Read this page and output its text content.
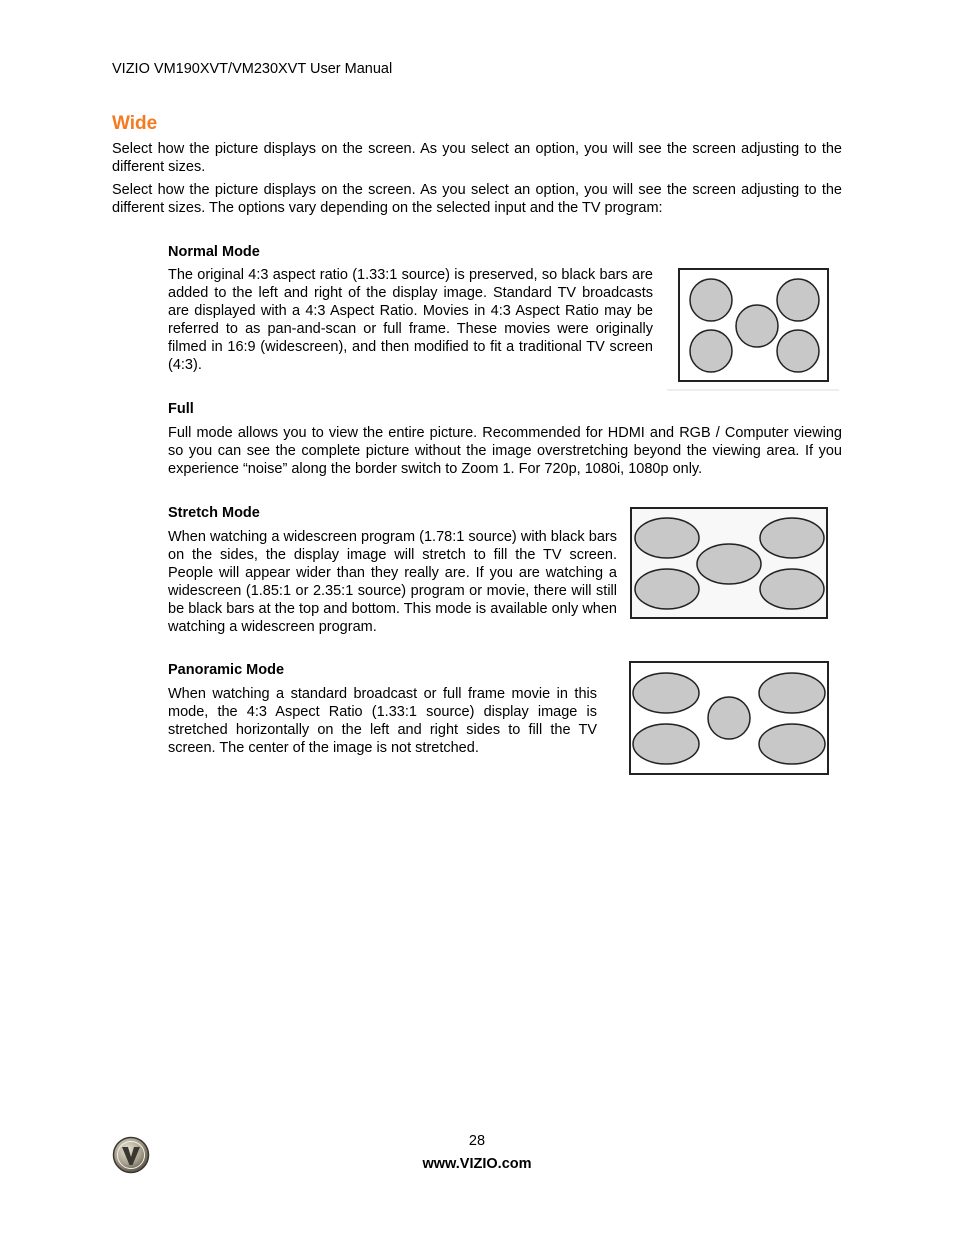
VIZIO VM190XVT/VM230XVT User Manual
Wide

Select how the picture displays on the screen. As you select an option, you will see the screen adjusting to the different sizes.

Select how the picture displays on the screen. As you select an option, you will see the screen adjusting to the different sizes. The options vary depending on the selected input and the TV program:

Normal Mode

The original 4:3 aspect ratio (1.33:1 source) is preserved, so black bars are added to the left and right of the display image. Standard TV broadcasts are displayed with a 4:3 Aspect Ratio. Movies in 4:3 Aspect Ratio may be referred to as pan-and-scan or full frame. These movies were originally filmed in 16:9 (widescreen), and then modified to fit a traditional TV screen (4:3).

Full

Full mode allows you to view the entire picture. Recommended for HDMI and RGB / Computer viewing so you can see the complete picture without the image overstretching beyond the viewing area. If you experience “noise” along the border switch to Zoom 1. For 720p, 1080i, 1080p only.

Stretch Mode

When watching a widescreen program (1.78:1 source) with black bars on the sides, the display image will stretch to fill the TV screen. People will appear wider than they really are. If you are watching a widescreen (1.85:1 or 2.35:1 source) program or movie, there will still be black bars at the top and bottom. This mode is available only when watching a widescreen program.

Panoramic Mode

When watching a standard broadcast or full frame movie in this mode, the 4:3 Aspect Ratio (1.33:1 source) display image is stretched horizontally on the left and right sides to fill the TV screen. The center of the image is not stretched.

28
www.VIZIO.com
